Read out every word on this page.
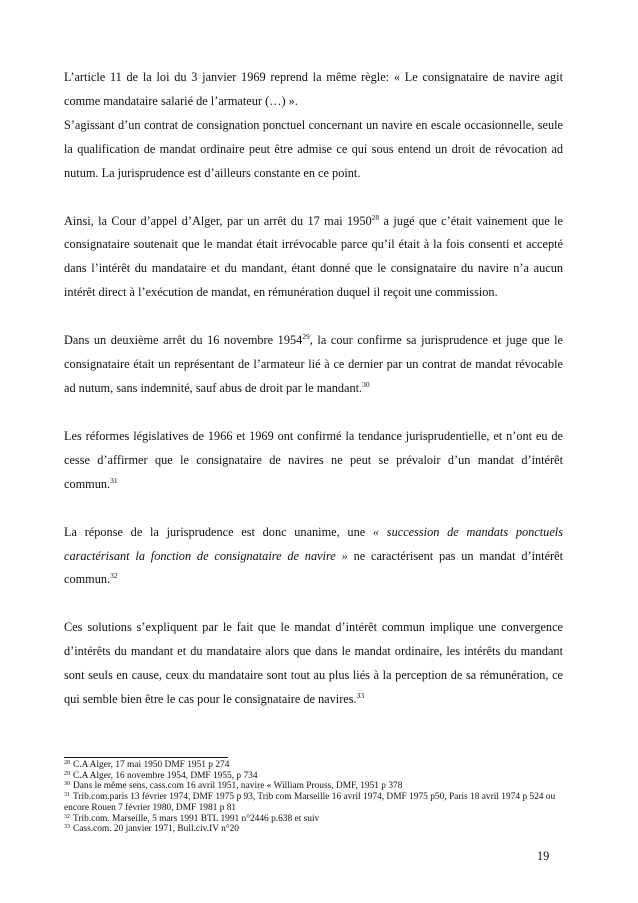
L’article 11 de la loi du 3 janvier 1969 reprend la même règle: « Le consignataire de navire agit comme mandataire salarié de l’armateur (…) ».

S’agissant d’un contrat de consignation ponctuel concernant un navire en escale occasionnelle, seule la qualification de mandat ordinaire peut être admise ce qui sous entend un droit de révocation ad nutum. La jurisprudence est d’ailleurs constante en ce point.

Ainsi, la Cour d’appel d’Alger, par un arrêt du 17 mai 1950$^{28}$ a jugé que c’était vainement que le consignataire soutenait que le mandat était irrévocable parce qu’il était à la fois consenti et accepté dans l’intérêt du mandataire et du mandant, étant donné que le consignataire du navire n’a aucun intérêt direct à l’exécution de mandat, en rémunération duquel il reçoit une commission.

Dans un deuxième arrêt du 16 novembre 1954$^{29}$, la cour confirme sa jurisprudence et juge que le consignataire était un représentant de l’armateur lié à ce dernier par un contrat de mandat révocable ad nutum, sans indemnité, sauf abus de droit par le mandant.$^{30}$

Les réformes législatives de 1966 et 1969 ont confirmé la tendance jurisprudentielle, et n’ont eu de cesse d’affirmer que le consignataire de navires ne peut se prévaloir d’un mandat d’intérêt commun.$^{31}$

La réponse de la jurisprudence est donc unanime, une « succession de mandats ponctuels caractérisant la fonction de consignataire de navire » ne caractérisent pas un mandat d’intérêt commun.$^{32}$

Ces solutions s’expliquent par le fait que le mandat d’intérêt commun implique une convergence d’intérêts du mandant et du mandataire alors que dans le mandat ordinaire, les intérêts du mandant sont seuls en cause, ceux du mandataire sont tout au plus liés à la perception de sa rémunération, ce qui semble bien être le cas pour le consignataire de navires.$^{33}$

$^{28}$ C.A Alger, 17 mai 1950 DMF 1951 p 274

$^{29}$ C.A Alger, 16 novembre 1954, DMF 1955, p 734

$^{30}$ Dans le même sens, cass.com 16 avril 1951, navire « William Prouss, DMF, 1951 p 378

$^{31}$ Trib.com.paris 13 février 1974, DMF 1975 p 93, Trib com Marseille 16 avril 1974, DMF 1975 p50, Paris 18 avril 1974 p 524 ou encore Rouen 7 février 1980, DMF 1981 p 81

$^{32}$ Trib.com. Marseille, 5 mars 1991 BTL 1991 n°2446 p.638 et suiv

$^{33}$ Cass.com. 20 janvier 1971, Bull.civ.IV n°20

19
